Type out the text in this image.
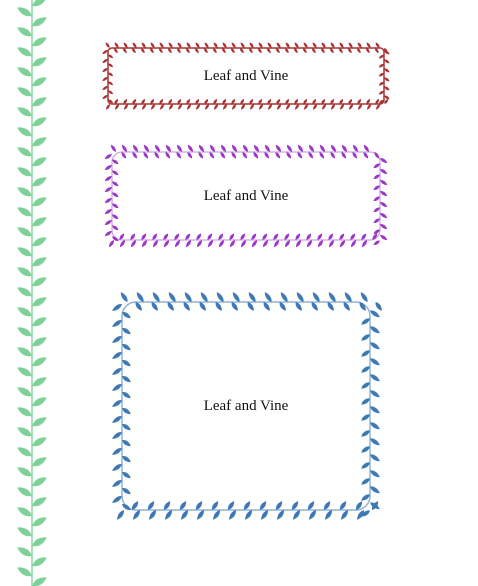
Leaf and Vine
Leaf and Vine
Leaf and Vine
